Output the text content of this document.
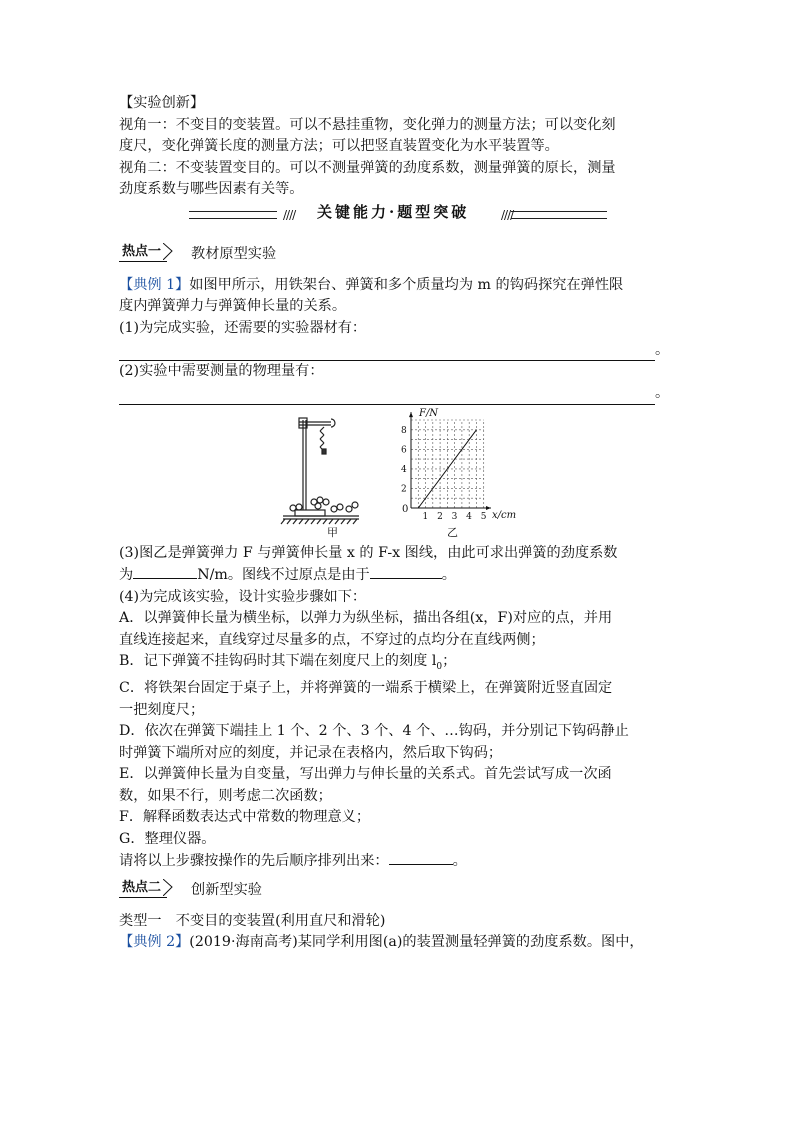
【实验创新】
视角一：不变目的变装置。可以不悬挂重物，变化弹力的测量方法；可以变化刻
度尺，变化弹簧长度的测量方法；可以把竖直装置变化为水平装置等。
视角二：不变装置变目的。可以不测量弹簧的劲度系数，测量弹簧的原长，测量
劲度系数与哪些因素有关等。
//// 关键能力·题型突破	////
热点一	教材原型实验
【典例 1】如图甲所示，用铁架台、弹簧和多个质量均为 m 的钩码探究在弹性限
度内弹簧弹力与弹簧伸长量的关系。
(1)为完成实验，还需要的实验器材有：
。
(2)实验中需要测量的物理量有：
。
甲
1 2 3 4 5
2
4
6
8
F/N
x/cm
0
乙
(3)图乙是弹簧弹力 F 与弹簧伸长量 x 的 F-x 图线，由此可求出弹簧的劲度系数
为	N/m。图线不过原点是由于	。
(4)为完成该实验，设计实验步骤如下：
A．以弹簧伸长量为横坐标，以弹力为纵坐标，描出各组(x，F)对应的点，并用
直线连接起来，直线穿过尽量多的点，不穿过的点均分在直线两侧；
B．记下弹簧不挂钩码时其下端在刻度尺上的刻度 $l_0$；
C．将铁架台固定于桌子上，并将弹簧的一端系于横梁上，在弹簧附近竖直固定
一把刻度尺；
D．依次在弹簧下端挂上 1 个、2 个、3 个、4 个、…钩码，并分别记下钩码静止
时弹簧下端所对应的刻度，并记录在表格内，然后取下钩码；
E．以弹簧伸长量为自变量，写出弹力与伸长量的关系式。首先尝试写成一次函
数，如果不行，则考虑二次函数；
F．解释函数表达式中常数的物理意义；
G．整理仪器。
请将以上步骤按操作的先后顺序排列出来：	。
热点二	创新型实验
类型一　不变目的变装置(利用直尺和滑轮)
【典例 2】(2019·海南高考)某同学利用图(a)的装置测量轻弹簧的劲度系数。图中，
